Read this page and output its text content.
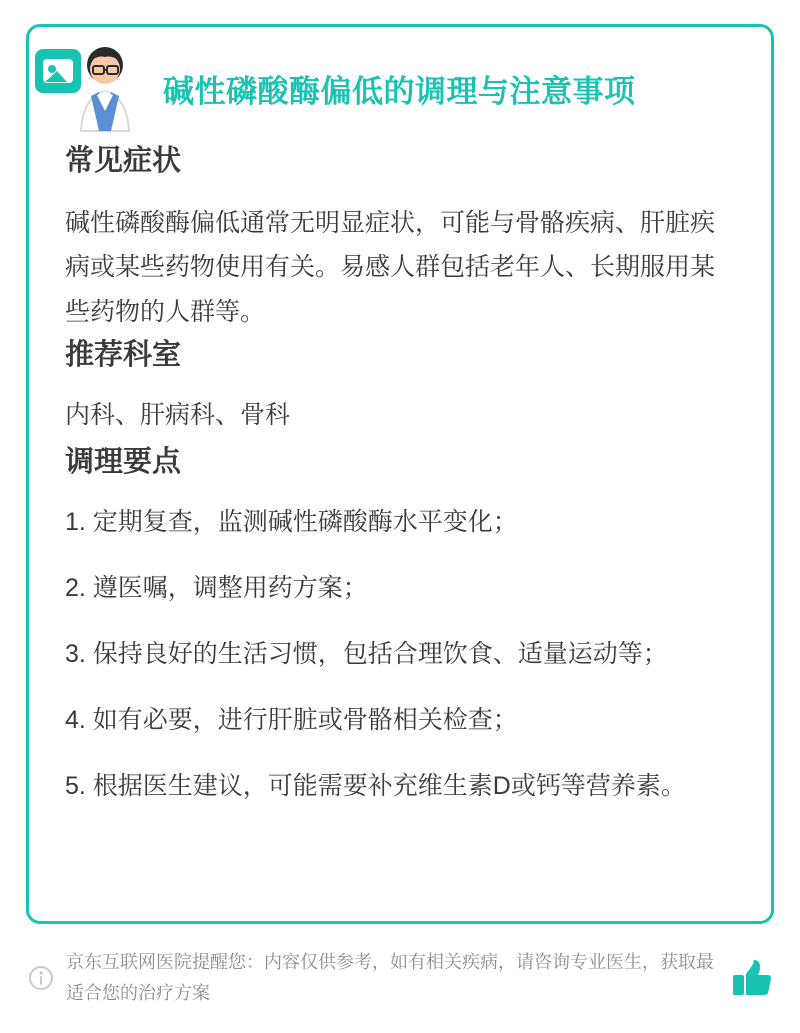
碱性磷酸酶偏低的调理与注意事项
常见症状

碱性磷酸酶偏低通常无明显症状，可能与骨骼疾病、肝脏疾病或某些药物使用有关。易感人群包括老年人、长期服用某些药物的人群等。

推荐科室

内科、肝病科、骨科

调理要点
1. 定期复查，监测碱性磷酸酶水平变化；
2. 遵医嘱，调整用药方案；
3. 保持良好的生活习惯，包括合理饮食、适量运动等；
4. 如有必要，进行肝脏或骨骼相关检查；
5. 根据医生建议，可能需要补充维生素D或钙等营养素。
京东互联网医院提醒您：内容仅供参考，如有相关疾病，请咨询专业医生，获取最适合您的治疗方案
